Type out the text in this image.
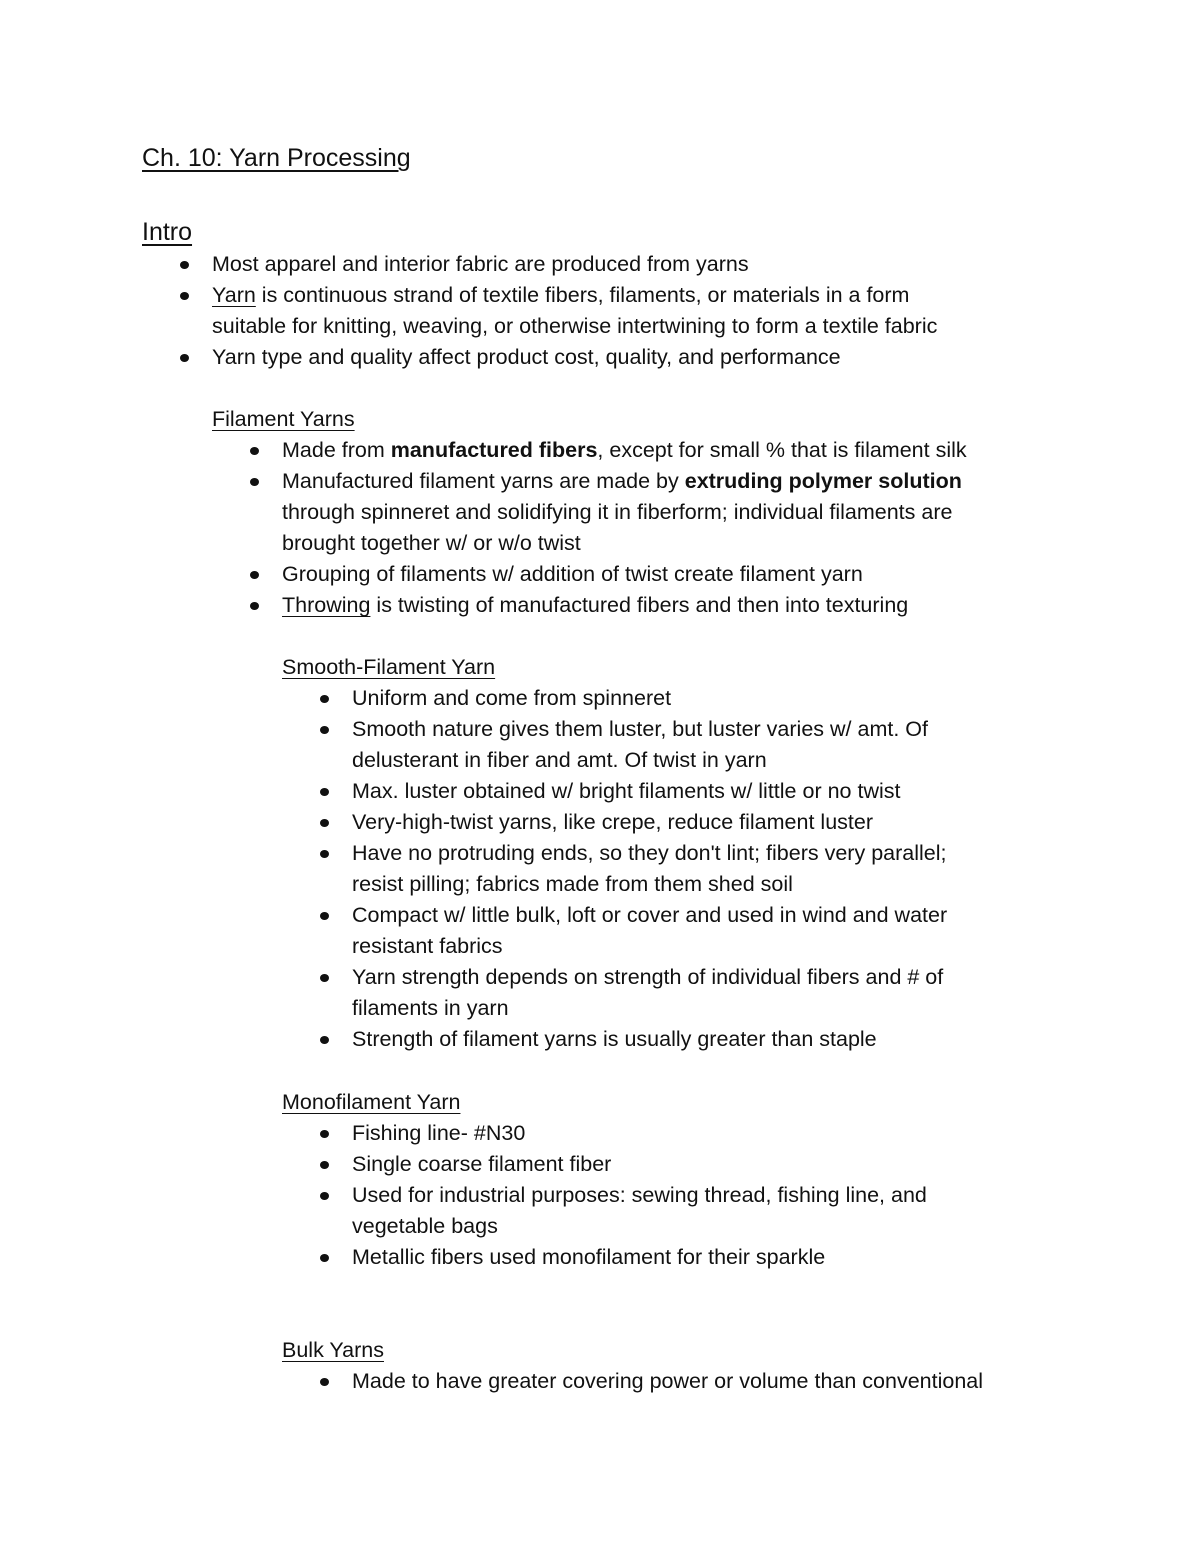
Ch. 10: Yarn Processing
Intro
Most apparel and interior fabric are produced from yarns
Yarn is continuous strand of textile fibers, filaments, or materials in a form
suitable for knitting, weaving, or otherwise intertwining to form a textile fabric
Yarn type and quality affect product cost, quality, and performance
Filament Yarns
Made from manufactured fibers, except for small % that is filament silk
Manufactured filament yarns are made by extruding polymer solution
through spinneret and solidifying it in fiberform; individual filaments are
brought together w/ or w/o twist
Grouping of filaments w/ addition of twist create filament yarn
Throwing is twisting of manufactured fibers and then into texturing
Smooth-Filament Yarn
Uniform and come from spinneret
Smooth nature gives them luster, but luster varies w/ amt. Of
delusterant in fiber and amt. Of twist in yarn
Max. luster obtained w/ bright filaments w/ little or no twist
Very-high-twist yarns, like crepe, reduce filament luster
Have no protruding ends, so they don't lint; fibers very parallel;
resist pilling; fabrics made from them shed soil
Compact w/ little bulk, loft or cover and used in wind and water
resistant fabrics
Yarn strength depends on strength of individual fibers and # of
filaments in yarn
Strength of filament yarns is usually greater than staple
Monofilament Yarn
Fishing line- #N30
Single coarse filament fiber
Used for industrial purposes: sewing thread, fishing line, and
vegetable bags
Metallic fibers used monofilament for their sparkle
Bulk Yarns
Made to have greater covering power or volume than conventional
